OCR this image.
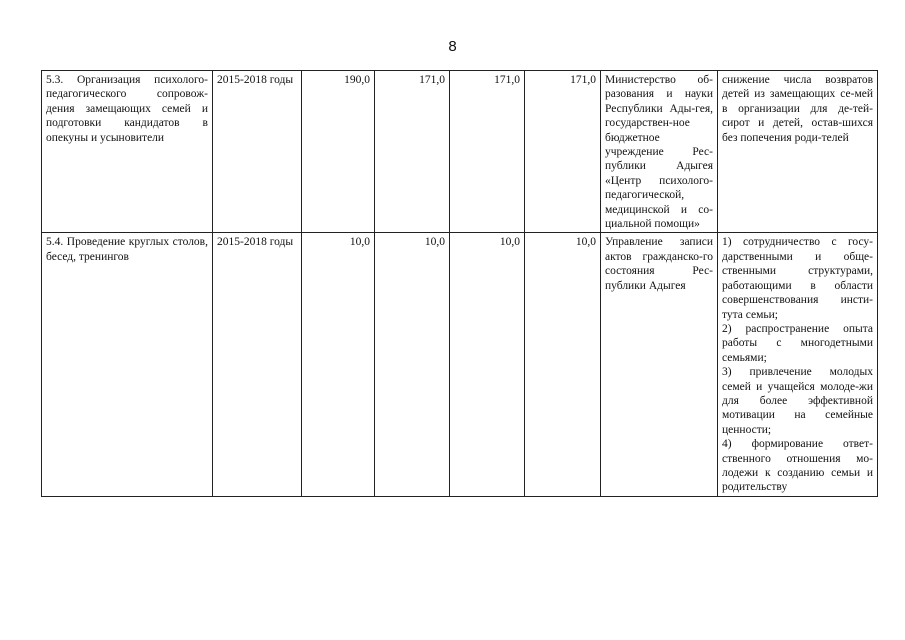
8
5.3. Организация психолого-педагогического сопровож-дения замещающих семей и подготовки кандидатов в опекуны и усыновители	2015-2018 годы	190,0	171,0	171,0	171,0	Министерство об-разования и науки Республики Ады-гея, государствен-ное бюджетное учреждение Рес-публики Адыгея «Центр психолого-педагогической, медицинской и со-циальной помощи»	снижение числа возвратов детей из замещающих се-мей в организации для де-тей-сирот и детей, остав-шихся без попечения роди-телей

5.4. Проведение круглых столов, бесед, тренингов	2015-2018 годы	10,0	10,0	10,0	10,0	Управление записи актов гражданско-го состояния Рес-публики Адыгея	1) сотрудничество с госу-дарственными и обще-ственными структурами, работающими в области совершенствования инсти-тута семьи;
2) распространение опыта работы с многодетными семьями;
3) привлечение молодых семей и учащейся молоде-жи для более эффективной мотивации на семейные ценности;
4) формирование ответ-ственного отношения мо-лодежи к созданию семьи и родительству
